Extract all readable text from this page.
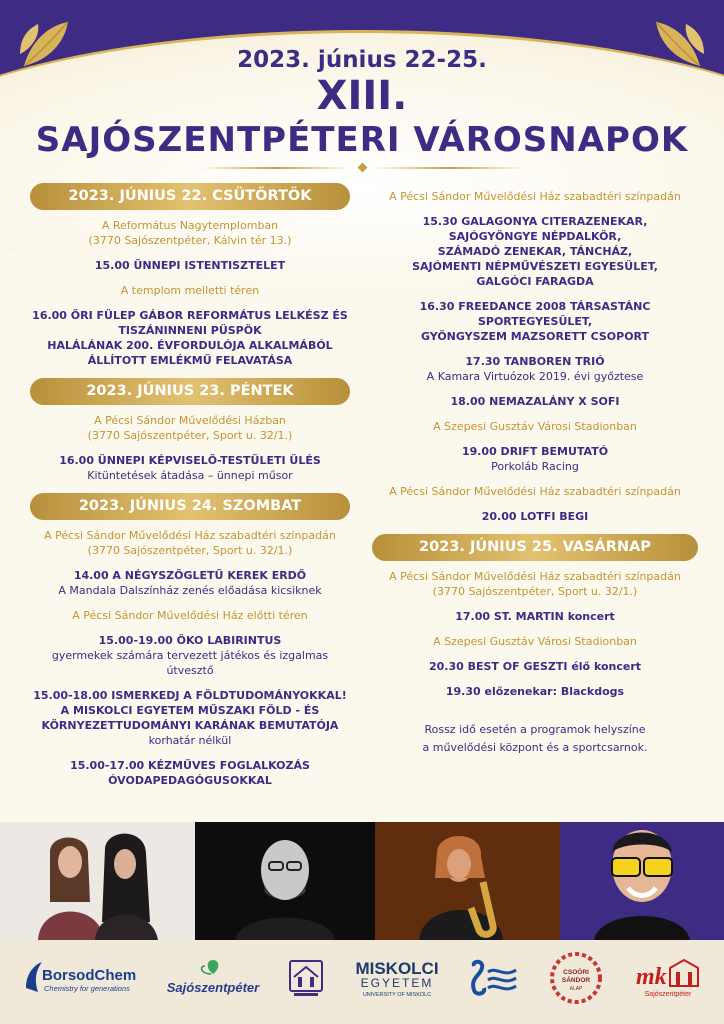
2023. június 22-25.
XIII.
SAJÓSZENTPÉTERI VÁROSNAPOK
2023. JÚNIUS 22. CSÜTÖRTÖK
A Református Nagytemplomban
(3770 Sajószentpéter, Kálvin tér 13.)
15.00 ÜNNEPI ISTENTISZTELET
A templom melletti téren
16.00 ŐRI FÜLEP GÁBOR REFORMÁTUS LELKÉSZ ÉS
TISZÁNINNENI PÜSPÖK
HALÁLÁNAK 200. ÉVFORDULÓJA ALKALMÁBÓL
ÁLLÍTOTT EMLÉKMŰ FELAVATÁSA
2023. JÚNIUS 23. PÉNTEK
A Pécsi Sándor Művelődési Házban
(3770 Sajószentpéter, Sport u. 32/1.)
16.00 ÜNNEPI KÉPVISELŐ-TESTÜLETI ÜLÉS
Kitüntetések átadása – ünnepi műsor
2023. JÚNIUS 24. SZOMBAT
A Pécsi Sándor Művelődési Ház szabadtéri színpadán
(3770 Sajószentpéter, Sport u. 32/1.)
14.00 A NÉGYSZÖGLETŰ KEREK ERDŐ
A Mandala Dalszínház zenés előadása kicsiknek
A Pécsi Sándor Művelődési Ház előtti téren
15.00-19.00 ÖKO LABIRINTUS
gyermekek számára tervezett játékos és izgalmas útvesztő
15.00-18.00 ISMERKEDJ A FÖLDTUDOMÁNYOKKAL!
A MISKOLCI EGYETEM MŰSZAKI FÖLD - ÉS
KÖRNYEZETTUDOMÁNYI KARÁNAK BEMUTATÓJA
korhatár nélkül
15.00-17.00 KÉZMŰVES FOGLALKOZÁS
ÓVODAPEDAGÓGUSOKKAL
A Pécsi Sándor Művelődési Ház szabadtéri színpadán
15.30 GALAGONYA CITERAZENEKAR,
SAJÓGYÖNGYE NÉPDALKÖR,
SZÁMADÓ ZENEKAR, TÁNCHÁZ,
SAJÓMENTI NÉPMŰVÉSZETI EGYESÜLET,
GALGÓCI FARAGDA
16.30 FREEDANCE 2008 TÁRSASTÁNC SPORTEGYESÜLET,
GYÖNGYSZEM MAZSORETT CSOPORT
17.30 TANBOREN TRIÓ
A Kamara Virtuózok 2019. évi győztese
18.00 NEMAZALÁNY X SOFI
A Szepesi Gusztáv Városi Stadionban
19.00 DRIFT BEMUTATÓ
Porkoláb Racing
A Pécsi Sándor Művelődési Ház szabadtéri színpadán
20.00 LOTFI BEGI
2023. JÚNIUS 25. VASÁRNAP
A Pécsi Sándor Művelődési Ház szabadtéri színpadán
(3770 Sajószentpéter, Sport u. 32/1.)
17.00 ST. MARTIN koncert
A Szepesi Gusztáv Városi Stadionban
20.30 BEST OF GESZTI élő koncert
19.30 előzenekar: Blackdogs
Rossz idő esetén a programok helyszíne
a művelődési központ és a sportcsarnok.
BorsodChem
Chemistry for generations	Sajószentpéter
MISKOLCI
EGYETEM
UNIVERSITY OF MISKOLC
CSOÓRI
SÁNDOR
ALAP mk
Sajószentpéter
